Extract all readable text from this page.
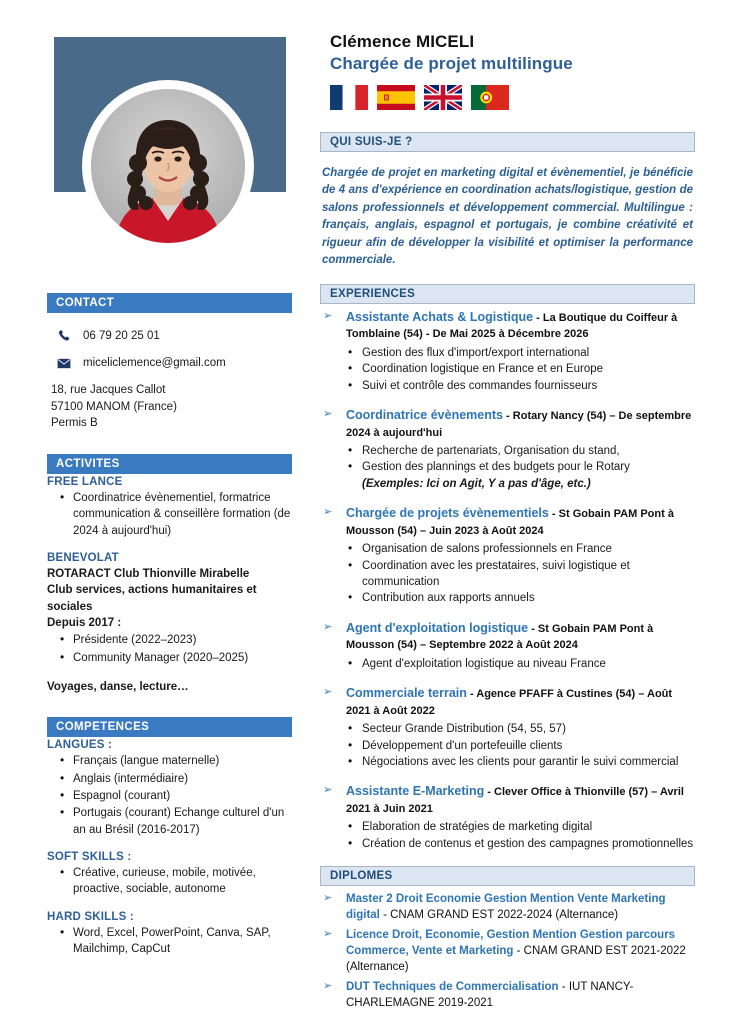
CONTACT
06 79 20 25 01
miceliclemence@gmail.com
18, rue Jacques Callot
57100 MANOM (France)
Permis B
ACTIVITES
FREE LANCE
• Coordinatrice évènementiel, formatrice communication & conseillère formation (de 2024 à aujourd'hui)
BENEVOLAT

ROTARACT Club Thionville Mirabelle

Club services, actions humanitaires et sociales

Depuis 2017 :

• Présidente (2022–2023)
• Community Manager (2020–2025)

Voyages, danse, lecture…

COMPETENCES
LANGUES :
• Français (langue maternelle)
• Anglais (intermédiaire)
• Espagnol (courant)
• Portugais (courant) Echange culturel d'un an au Brésil (2016-2017)
SOFT SKILLS :
• Créative, curieuse, mobile, motivée, proactive, sociable, autonome
HARD SKILLS :
• Word, Excel, PowerPoint, Canva, SAP, Mailchimp, CapCut
Clémence MICELI
Chargée de projet multilingue
QUI SUIS-JE ?

Chargée de projet en marketing digital et évènementiel, je bénéficie de 4 ans d'expérience en coordination achats/logistique, gestion de salons professionnels et développement commercial. Multilingue : français, anglais, espagnol et portugais, je combine créativité et rigueur afin de développer la visibilité et optimiser la performance commerciale.

EXPERIENCES
➢ Assistante Achats & Logistique - La Boutique du Coiffeur à Tomblaine (54) - De Mai 2025 à Décembre 2026
• Gestion des flux d'import/export international
• Coordination logistique en France et en Europe
• Suivi et contrôle des commandes fournisseurs
➢ Coordinatrice évènements - Rotary Nancy (54) – De septembre 2024 à aujourd'hui
• Recherche de partenariats, Organisation du stand,
• Gestion des plannings et des budgets pour le Rotary
(Exemples: Ici on Agit, Y a pas d'âge, etc.)
➢ Chargée de projets évènementiels - St Gobain PAM Pont à Mousson (54) – Juin 2023 à Août 2024
• Organisation de salons professionnels en France
• Coordination avec les prestataires, suivi logistique et communication
• Contribution aux rapports annuels
➢ Agent d'exploitation logistique - St Gobain PAM Pont à Mousson (54) – Septembre 2022 à Août 2024
• Agent d'exploitation logistique au niveau France
➢ Commerciale terrain - Agence PFAFF à Custines (54) – Août 2021 à Août 2022
• Secteur Grande Distribution (54, 55, 57)
• Développement d'un portefeuille clients
• Négociations avec les clients pour garantir le suivi commercial
➢ Assistante E-Marketing - Clever Office à Thionville (57) – Avril 2021 à Juin 2021
• Elaboration de stratégies de marketing digital
• Création de contenus et gestion des campagnes promotionnelles
DIPLOMES
➢ Master 2 Droit Economie Gestion Mention Vente Marketing digital - CNAM GRAND EST 2022-2024 (Alternance)
➢ Licence Droit, Economie, Gestion Mention Gestion parcours Commerce, Vente et Marketing - CNAM GRAND EST 2021-2022 (Alternance)
➢ DUT Techniques de Commercialisation - IUT NANCY-CHARLEMAGNE 2019-2021
